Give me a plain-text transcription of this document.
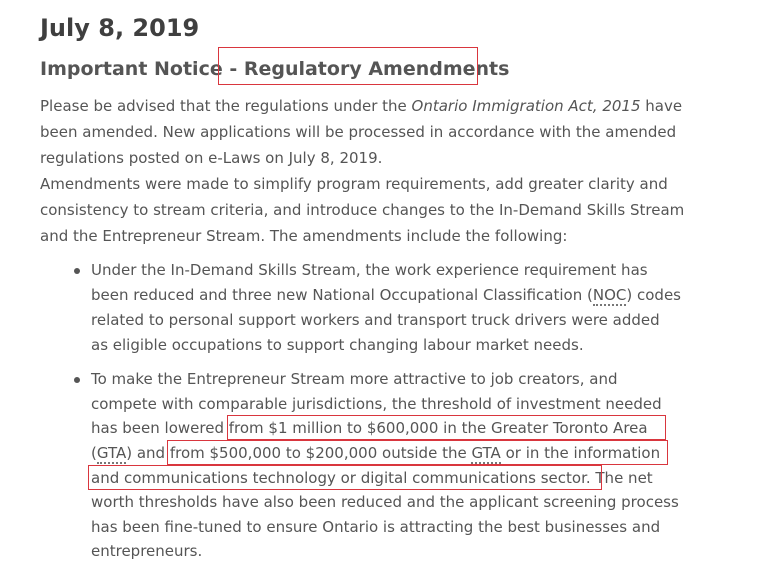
July 8, 2019
Important Notice - Regulatory Amendments
Please be advised that the regulations under the Ontario Immigration Act, 2015 have
been amended. New applications will be processed in accordance with the amended
regulations posted on e-Laws on July 8, 2019.
Amendments were made to simplify program requirements, add greater clarity and
consistency to stream criteria, and introduce changes to the In-Demand Skills Stream
and the Entrepreneur Stream. The amendments include the following:
Under the In-Demand Skills Stream, the work experience requirement has
been reduced and three new National Occupational Classification (NOC) codes
related to personal support workers and transport truck drivers were added
as eligible occupations to support changing labour market needs.
To make the Entrepreneur Stream more attractive to job creators, and
compete with comparable jurisdictions, the threshold of investment needed
has been lowered from $1 million to $600,000 in the Greater Toronto Area
(GTA) and from $500,000 to $200,000 outside the GTA or in the information
and communications technology or digital communications sector. The net
worth thresholds have also been reduced and the applicant screening process
has been fine-tuned to ensure Ontario is attracting the best businesses and
entrepreneurs.
